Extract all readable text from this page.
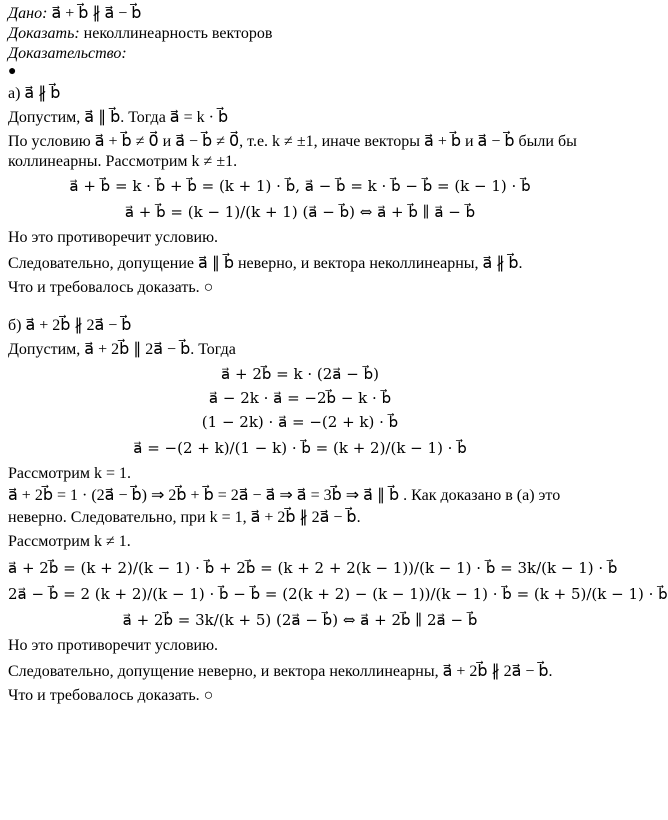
Дано: a⃗ + b⃗ ∦ a⃗ − b⃗
Доказать: неколлинеарность векторов
Доказательство:
●
а) a⃗ ∦ b⃗
Допустим, a⃗ ∥ b⃗. Тогда a⃗ = k · b⃗
По условию a⃗ + b⃗ ≠ 0⃗ и a⃗ − b⃗ ≠ 0⃗, т.е. k ≠ ±1, иначе векторы a⃗ + b⃗ и a⃗ − b⃗ были бы
коллинеарны. Рассмотрим k ≠ ±1.
a⃗ + b⃗ = k · b⃗ + b⃗ = (k + 1) · b⃗, a⃗ − b⃗ = k · b⃗ − b⃗ = (k − 1) · b⃗
a⃗ + b⃗ = (k − 1)/(k + 1) (a⃗ − b⃗) ⇔ a⃗ + b⃗ ∥ a⃗ − b⃗
Но это противоречит условию.
Следовательно, допущение a⃗ ∥ b⃗ неверно, и вектора неколлинеарны, a⃗ ∦ b⃗.
Что и требовалось доказать. ○
б) a⃗ + 2b⃗ ∦ 2a⃗ − b⃗
Допустим, a⃗ + 2b⃗ ∥ 2a⃗ − b⃗. Тогда
a⃗ + 2b⃗ = k · (2a⃗ − b⃗)
a⃗ − 2k · a⃗ = −2b⃗ − k · b⃗
(1 − 2k) · a⃗ = −(2 + k) · b⃗
a⃗ = −(2 + k)/(1 − k) · b⃗ = (k + 2)/(k − 1) · b⃗
Рассмотрим k = 1.
a⃗ + 2b⃗ = 1 · (2a⃗ − b⃗) ⇒ 2b⃗ + b⃗ = 2a⃗ − a⃗ ⇒ a⃗ = 3b⃗ ⇒ a⃗ ∥ b⃗ . Как доказано в (а) это
неверно. Следовательно, при k = 1, a⃗ + 2b⃗ ∦ 2a⃗ − b⃗.
Рассмотрим k ≠ 1.
a⃗ + 2b⃗ = (k + 2)/(k − 1) · b⃗ + 2b⃗ = (k + 2 + 2(k − 1))/(k − 1) · b⃗ = 3k/(k − 1) · b⃗
2a⃗ − b⃗ = 2 (k + 2)/(k − 1) · b⃗ − b⃗ = (2(k + 2) − (k − 1))/(k − 1) · b⃗ = (k + 5)/(k − 1) · b⃗
a⃗ + 2b⃗ = 3k/(k + 5) (2a⃗ − b⃗) ⇔ a⃗ + 2b⃗ ∥ 2a⃗ − b⃗
Но это противоречит условию.
Следовательно, допущение неверно, и вектора неколлинеарны, a⃗ + 2b⃗ ∦ 2a⃗ − b⃗.
Что и требовалось доказать. ○
